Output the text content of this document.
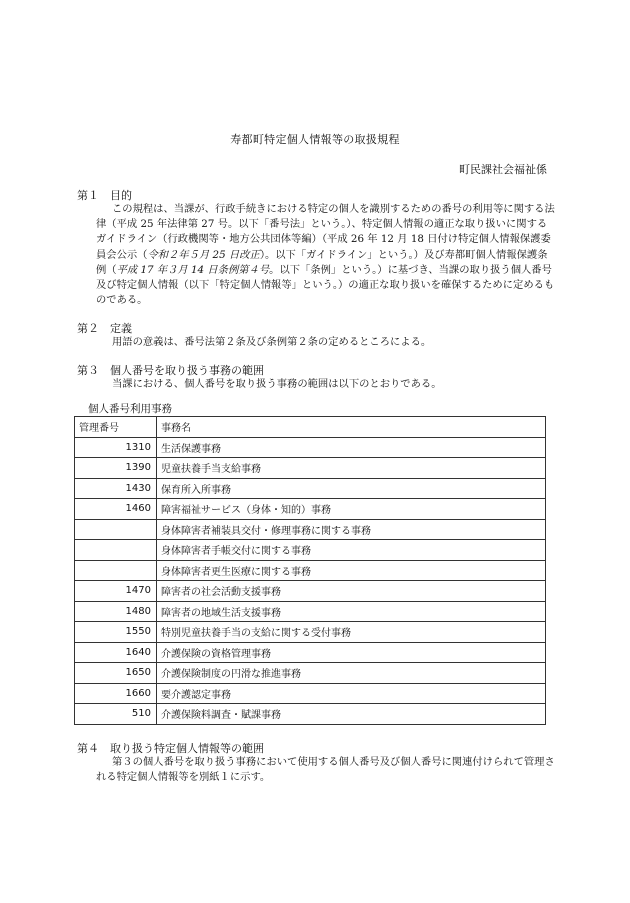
寿都町特定個人情報等の取扱規程
町民課社会福祉係
第１ 目的
この規程は、当課が、行政手続きにおける特定の個人を識別するための番号の利用等に関する法律（平成 25 年法律第 27 号。以下「番号法」という。）、特定個人情報の適正な取り扱いに関するガイドライン（行政機関等・地方公共団体等編）（平成 26 年 12 月 18 日付け特定個人情報保護委員会公示（令和２年５月 25 日改正）。以下「ガイドライン」という。）及び寿都町個人情報保護条例（平成 17 年３月 14 日条例第４号。以下「条例」という。）に基づき、当課の取り扱う個人番号及び特定個人情報（以下「特定個人情報等」という。）の適正な取り扱いを確保するために定めるものである。
第２ 定義
用語の意義は、番号法第２条及び条例第２条の定めるところによる。
第３ 個人番号を取り扱う事務の範囲
当課における、個人番号を取り扱う事務の範囲は以下のとおりである。
個人番号利用事務
管理番号	事務名
1310	生活保護事務
1390	児童扶養手当支給事務
1430	保育所入所事務
1460	障害福祉サービス（身体・知的）事務
	身体障害者補装具交付・修理事務に関する事務
	身体障害者手帳交付に関する事務
	身体障害者更生医療に関する事務
1470	障害者の社会活動支援事務
1480	障害者の地域生活支援事務
1550	特別児童扶養手当の支給に関する受付事務
1640	介護保険の資格管理事務
1650	介護保険制度の円滑な推進事務
1660	要介護認定事務
510	介護保険料調査・賦課事務
第４ 取り扱う特定個人情報等の範囲
第３の個人番号を取り扱う事務において使用する個人番号及び個人番号に関連付けられて管理される特定個人情報等を別紙１に示す。
